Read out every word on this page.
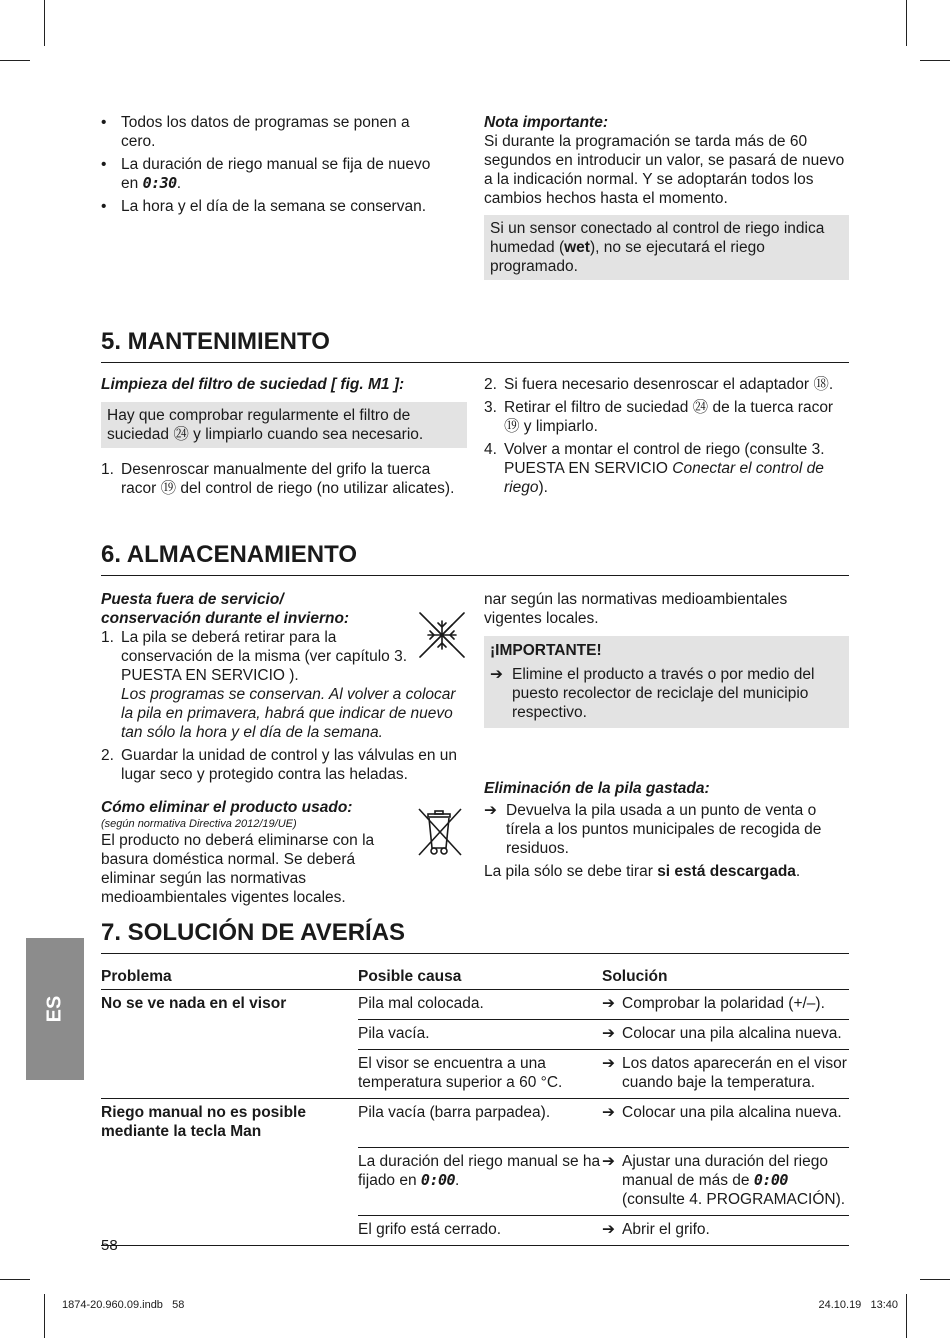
• Todos los datos de programas se ponen a cero.
• La duración de riego manual se fija de nuevo en 0:30.
• La hora y el día de la semana se conservan.

Nota importante:

Si durante la programación se tarda más de 60 segundos en introducir un valor, se pasará de nuevo a la indicación normal. Y se adoptarán todos los cambios hechos hasta el momento.

Si un sensor conectado al control de riego indica humedad (wet), no se ejecutará el riego programado.
5. MANTENIMIENTO

Limpieza del filtro de suciedad [ fig. M1 ]:

Hay que comprobar regularmente el filtro de suciedad ㉔ y limpiarlo cuando sea necesario.
1. Desenroscar manualmente del grifo la tuerca racor ⑲ del control de riego (no utilizar alicates).
2. Si fuera necesario desenroscar el adaptador ⑱.
3. Retirar el filtro de suciedad ㉔ de la tuerca racor ⑲ y limpiarlo.
4. Volver a montar el control de riego (consulte 3. PUESTA EN SERVICIO Conectar el control de riego).
6. ALMACENAMIENTO

Puesta fuera de servicio/ conservación durante el invierno:

1. La pila se deberá retirar para la conservación de la misma (ver capítulo 3. PUESTA EN SERVICIO ).
Los programas se conservan. Al volver a colocar la pila en primavera, habrá que indicar de nuevo tan sólo la hora y el día de la semana.
2. Guardar la unidad de control y las válvulas en un lugar seco y protegido contra las heladas.

Cómo eliminar el producto usado:

(según normativa Directiva 2012/19/UE)

El producto no deberá eliminarse con la basura doméstica normal. Se deberá eliminar según las normativas medioambientales vigentes locales.

nar según las normativas medioambientales vigentes locales.

¡IMPORTANTE!

➔ Elimine el producto a través o por medio del puesto recolector de reciclaje del municipio respectivo.

Eliminación de la pila gastada:

➔ Devuelva la pila usada a un punto de venta o tírela a los puntos municipales de recogida de residuos.

La pila sólo se debe tirar si está descargada.

7. SOLUCIÓN DE AVERÍAS
Problema	Posible causa	Solución
No se ve nada en el visor	Pila mal colocada.	➔ Comprobar la polaridad (+/–).

	Pila vacía.	➔ Colocar una pila alcalina nueva.

	El visor se encuentra a una temperatura superior a 60 °C.	➔ Los datos aparecerán en el visor cuando baje la temperatura.

Riego manual no es posible mediante la tecla Man	Pila vacía (barra parpadea).	➔ Colocar una pila alcalina nueva.

	La duración del riego manual se ha fijado en 0:00.	➔ Ajustar una duración del riego manual de más de 0:00 (consulte 4. PROGRAMACIÓN).

	El grifo está cerrado.	➔ Abrir el grifo.
ES
58
1874-20.960.09.indb   58	24.10.19   13:40
